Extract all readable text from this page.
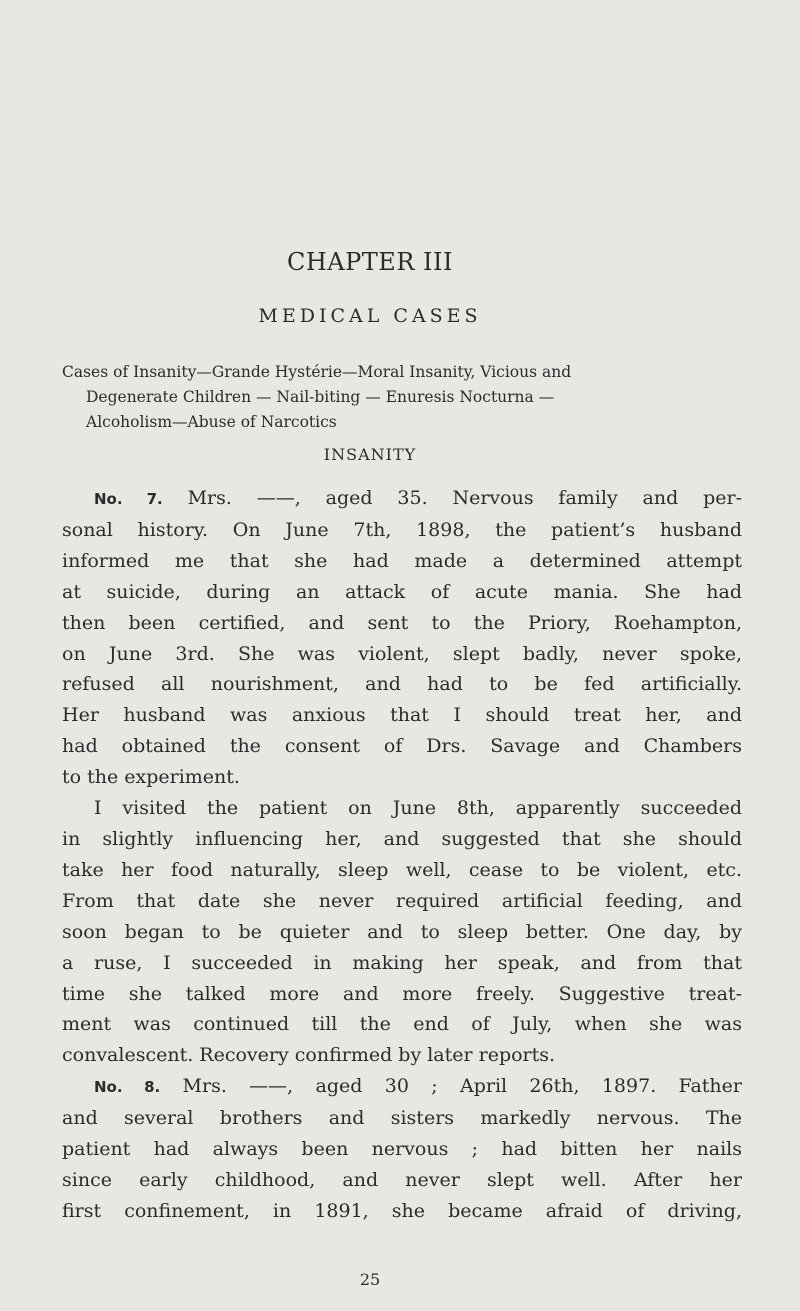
CHAPTER III
MEDICAL CASES
Cases of Insanity—Grande Hystérie—Moral Insanity, Vicious and
Degenerate Children — Nail-biting — Enuresis Nocturna —
Alcoholism—Abuse of Narcotics
INSANITY
No. 7. Mrs. ——, aged 35. Nervous family and per-
sonal history. On June 7th, 1898, the patient’s husband
informed me that she had made a determined attempt
at suicide, during an attack of acute mania. She had
then been certified, and sent to the Priory, Roehampton,
on June 3rd. She was violent, slept badly, never spoke,
refused all nourishment, and had to be fed artificially.
Her husband was anxious that I should treat her, and
had obtained the consent of Drs. Savage and Chambers
to the experiment.
I visited the patient on June 8th, apparently succeeded
in slightly influencing her, and suggested that she should
take her food naturally, sleep well, cease to be violent, etc.
From that date she never required artificial feeding, and
soon began to be quieter and to sleep better. One day, by
a ruse, I succeeded in making her speak, and from that
time she talked more and more freely. Suggestive treat-
ment was continued till the end of July, when she was
convalescent. Recovery confirmed by later reports.
No. 8. Mrs. ——, aged 30 ; April 26th, 1897. Father
and several brothers and sisters markedly nervous. The
patient had always been nervous ; had bitten her nails
since early childhood, and never slept well. After her
first confinement, in 1891, she became afraid of driving,
25
